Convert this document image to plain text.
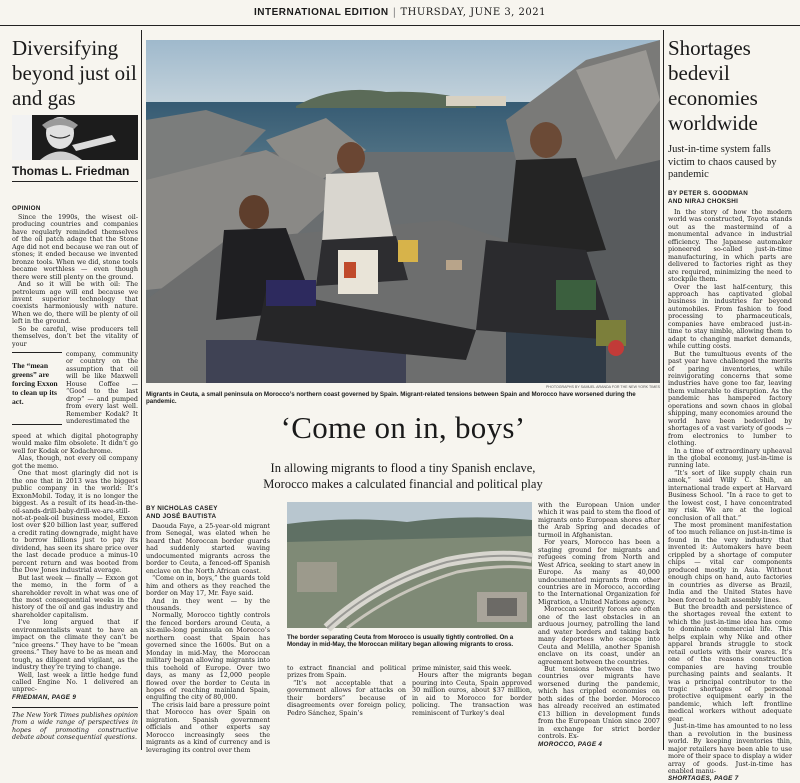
INTERNATIONAL EDITION | THURSDAY, JUNE 3, 2021
Diversifying beyond just oil and gas
Thomas L. Friedman
OPINION

Since the 1990s, the wisest oil-producing countries and companies have regularly reminded themselves of the oil patch adage that the Stone Age did not end because we ran out of stones; it ended because we invented bronze tools. When we did, stone tools became worthless — even though there were still plenty on the ground.

And so it will be with oil: The petroleum age will end because we invent superior technology that coexists harmoniously with nature. When we do, there will be plenty of oil left in the ground.

So be careful, wise producers tell themselves, don’t bet the vitality of your

The “mean greens” are forcing Exxon to clean up its act.

company, community or country on the assumption that oil will be like Maxwell House Coffee — “Good to the last drop” — and pumped from every last well. Remember Kodak? It underestimated the

speed at which digital photography would make film obsolete. It didn’t go well for Kodak or Kodachrome.

Alas, though, not every oil company got the memo.

One that most glaringly did not is the one that in 2013 was the biggest public company in the world: It’s ExxonMobil. Today, it is no longer the biggest. As a result of its head-in-the-oil-sands-drill-baby-drill-we-are-still-not-at-peak-oil business model, Exxon lost over $20 billion last year, suffered a credit rating downgrade, might have to borrow billions just to pay its dividend, has seen its share price over the last decade produce a minus-10 percent return and was booted from the Dow Jones industrial average.

But last week — finally — Exxon got the memo, in the form of a shareholder revolt in what was one of the most consequential weeks in the history of the oil and gas industry and shareholder capitalism.

I’ve long argued that if environmentalists want to have an impact on the climate they can’t be “nice greens.” They have to be “mean greens.” They have to be as mean and tough, as diligent and vigilant, as the industry they’re trying to change.

Well, last week a little hedge fund called Engine No. 1 delivered an unprec-

FRIEDMAN, PAGE 9
The New York Times publishes opinion from a wide range of perspectives in hopes of promoting constructive debate about consequential questions.
PHOTOGRAPHS BY SAMUEL ARANDA FOR THE NEW YORK TIMES
Migrants in Ceuta, a small peninsula on Morocco’s northern coast governed by Spain. Migrant-related tensions between Spain and Morocco have worsened during the pandemic.
‘Come on in, boys’
In allowing migrants to flood a tiny Spanish enclave,
Morocco makes a calculated financial and political play
BY NICHOLAS CASEY
AND JOSÉ BAUTISTA

Daouda Faye, a 25-year-old migrant from Senegal, was elated when he heard that Moroccan border guards had suddenly started waving undocumented migrants across the border to Ceuta, a fenced-off Spanish enclave on the North African coast.

“Come on in, boys,” the guards told him and others as they reached the border on May 17, Mr. Faye said.

And in they went — by the thousands.

Normally, Morocco tightly controls the fenced borders around Ceuta, a six-mile-long peninsula on Morocco’s northern coast that Spain has governed since the 1600s. But on a Monday in mid-May, the Moroccan military began allowing migrants into this toehold of Europe. Over two days, as many as 12,000 people flowed over the border to Ceuta in hopes of reaching mainland Spain, engulfing the city of 80,000.

The crisis laid bare a pressure point that Morocco has over Spain on migration. Spanish government officials and other experts say Morocco increasingly sees the migrants as a kind of currency and is leveraging its control over them

The border separating Ceuta from Morocco is usually tightly controlled. On a Monday in mid-May, the Moroccan military began allowing migrants to cross.

to extract financial and political prizes from Spain.

“It’s not acceptable that a government allows for attacks on their borders” because of disagreements over foreign policy, Pedro Sánchez, Spain’s

prime minister, said this week.

Hours after the migrants began pouring into Ceuta, Spain approved 30 million euros, about $37 million, in aid to Morocco for border policing. The transaction was reminiscent of Turkey’s deal

with the European Union under which it was paid to stem the flood of migrants onto European shores after the Arab Spring and decades of turmoil in Afghanistan.

For years, Morocco has been a staging ground for migrants and refugees coming from North and West Africa, seeking to start anew in Europe. As many as 40,000 undocumented migrants from other countries are in Morocco, according to the International Organization for Migration, a United Nations agency.

Moroccan security forces are often one of the last obstacles in an arduous journey, patrolling the land and water borders and taking back many deportees who escape into Ceuta and Melilla, another Spanish enclave on its coast, under an agreement between the countries.

But tensions between the two countries over migrants have worsened during the pandemic, which has crippled economies on both sides of the border. Morocco has already received an estimated €13 billion in development funds from the European Union since 2007 in exchange for strict border controls. Ex-

MOROCCO, PAGE 4
Shortages bedevil economies worldwide
Just-in-time system falls victim to chaos caused by pandemic
BY PETER S. GOODMAN
AND NIRAJ CHOKSHI

In the story of how the modern world was constructed, Toyota stands out as the mastermind of a monumental advance in industrial efficiency. The Japanese automaker pioneered so-called just-in-time manufacturing, in which parts are delivered to factories right as they are required, minimizing the need to stockpile them.

Over the last half-century, this approach has captivated global business in industries far beyond automobiles. From fashion to food processing to pharmaceuticals, companies have embraced just-in-time to stay nimble, allowing them to adapt to changing market demands, while cutting costs.

But the tumultuous events of the past year have challenged the merits of paring inventories, while reinvigorating concerns that some industries have gone too far, leaving them vulnerable to disruption. As the pandemic has hampered factory operations and sown chaos in global shipping, many economies around the world have been bedeviled by shortages of a vast variety of goods — from electronics to lumber to clothing.

In a time of extraordinary upheaval in the global economy, just-in-time is running late.

“It’s sort of like supply chain run amok,” said Willy C. Shih, an international trade expert at Harvard Business School. “In a race to get to the lowest cost, I have concentrated my risk. We are at the logical conclusion of all that.”

The most prominent manifestation of too much reliance on just-in-time is found in the very industry that invented it: Automakers have been crippled by a shortage of computer chips — vital car components produced mostly in Asia. Without enough chips on hand, auto factories in countries as diverse as Brazil, India and the United States have been forced to halt assembly lines.

But the breadth and persistence of the shortages reveal the extent to which the just-in-time idea has come to dominate commercial life. This helps explain why Nike and other apparel brands struggle to stock retail outlets with their wares. It’s one of the reasons construction companies are having trouble purchasing paints and sealants. It was a principal contributor to the tragic shortages of personal protective equipment early in the pandemic, which left frontline medical workers without adequate gear.

Just-in-time has amounted to no less than a revolution in the business world. By keeping inventories thin, major retailers have been able to use more of their space to display a wider array of goods. Just-in-time has enabled manu-

SHORTAGES, PAGE 7
